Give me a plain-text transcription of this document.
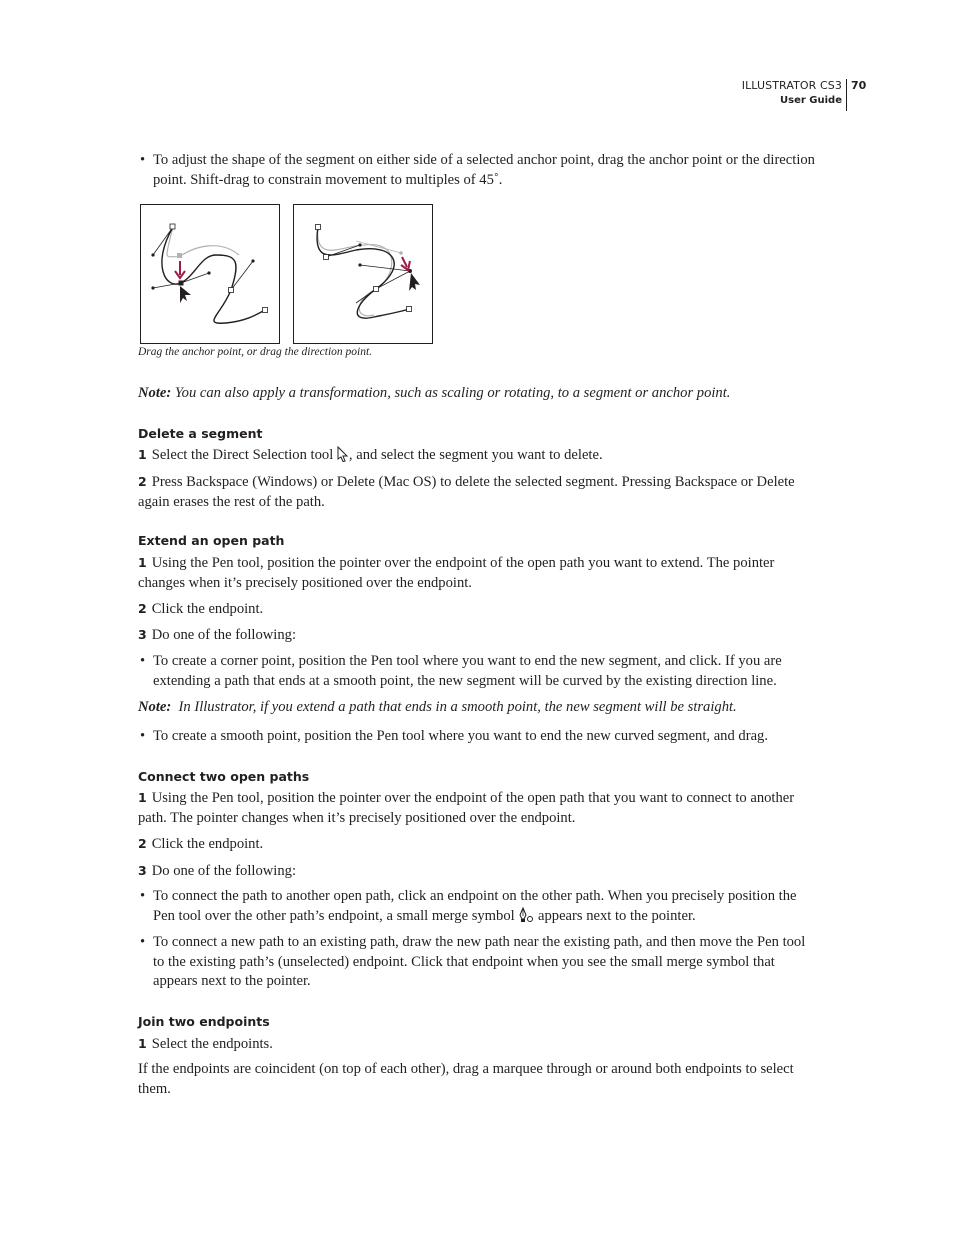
ILLUSTRATOR CS3
User Guide
70
• To adjust the shape of the segment on either side of a selected anchor point, drag the anchor point or the direction point. Shift-drag to constrain movement to multiples of 45˚.
Drag the anchor point, or drag the direction point.
Note: You can also apply a transformation, such as scaling or rotating, to a segment or anchor point.
Delete a segment
1 Select the Direct Selection tool , and select the segment you want to delete.
2 Press Backspace (Windows) or Delete (Mac OS) to delete the selected segment. Pressing Backspace or Delete again erases the rest of the path.
Extend an open path
1 Using the Pen tool, position the pointer over the endpoint of the open path you want to extend. The pointer changes when it’s precisely positioned over the endpoint.
2 Click the endpoint.
3 Do one of the following:
• To create a corner point, position the Pen tool where you want to end the new segment, and click. If you are extending a path that ends at a smooth point, the new segment will be curved by the existing direction line.
Note: In Illustrator, if you extend a path that ends in a smooth point, the new segment will be straight.
• To create a smooth point, position the Pen tool where you want to end the new curved segment, and drag.
Connect two open paths
1 Using the Pen tool, position the pointer over the endpoint of the open path that you want to connect to another path. The pointer changes when it’s precisely positioned over the endpoint.
2 Click the endpoint.
3 Do one of the following:
• To connect the path to another open path, click an endpoint on the other path. When you precisely position the Pen tool over the other path’s endpoint, a small merge symbol appears next to the pointer.
• To connect a new path to an existing path, draw the new path near the existing path, and then move the Pen tool to the existing path’s (unselected) endpoint. Click that endpoint when you see the small merge symbol that appears next to the pointer.
Join two endpoints
1 Select the endpoints.
If the endpoints are coincident (on top of each other), drag a marquee through or around both endpoints to select them.
